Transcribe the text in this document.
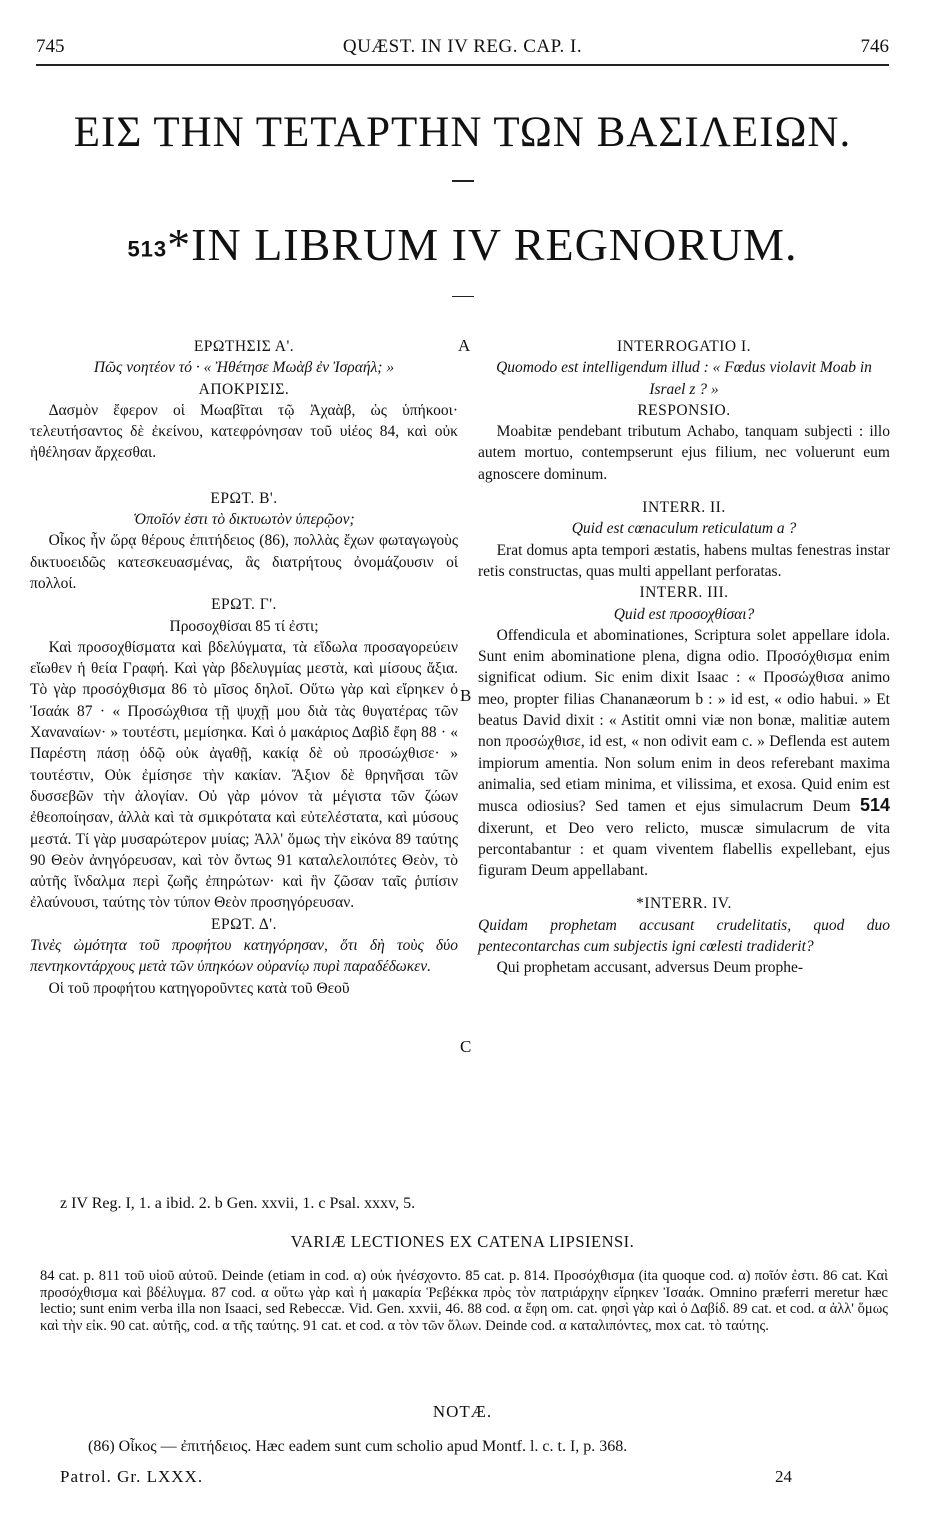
745	QUÆST. IN IV REG. CAP. I.	746
ΕΙΣ ΤΗΝ ΤΕΤΑΡΤΗΝ ΤΩΝ ΒΑΣΙΛΕΙΩΝ.
513*IN LIBRUM IV REGNORUM.
A
B
C

ΕΡΩΤΗΣΙΣ Α'.

Πῶς νοητέον τό · « Ἠθέτησε Μωὰβ ἐν Ἰσραήλ; »

ΑΠΟΚΡΙΣΙΣ.

Δασμὸν ἔφερον οἱ Μωαβῖται τῷ Ἀχαὰβ, ὡς ὑπήκοοι· τελευτήσαντος δὲ ἐκείνου, κατεφρόνησαν τοῦ υἱέος 84, καὶ οὐκ ἠθέλησαν ἄρχεσθαι.

ΕΡΩΤ. Β'.

Ὁποῖόν ἐστι τὸ δικτυωτὸν ὑπερῷον;

Οἶκος ἦν ὥρᾳ θέρους ἐπιτήδειος (86), πολλὰς ἔχων φωταγωγοὺς δικτυοειδῶς κατεσκευασμένας, ἃς διατρήτους ὀνομάζουσιν οἱ πολλοί.

ΕΡΩΤ. Γ'.

Προσοχθίσαι 85 τί ἐστι;

Καὶ προσοχθίσματα καὶ βδελύγματα, τὰ εἴδωλα προσαγορεύειν εἴωθεν ἡ θεία Γραφή. Καὶ γὰρ βδελυγμίας μεστὰ, καὶ μίσους ἄξια. Τὸ γὰρ προσόχθισμα 86 τὸ μῖσος δηλοῖ. Οὕτω γὰρ καὶ εἴρηκεν ὁ Ἰσαάκ 87 · « Προσώχθισα τῇ ψυχῇ μου διὰ τὰς θυγατέρας τῶν Χαναναίων· » τουτέστι, μεμίσηκα. Καὶ ὁ μακάριος Δαβὶδ ἔφη 88 · « Παρέστη πάσῃ ὁδῷ οὐκ ἀγαθῇ, κακίᾳ δὲ οὐ προσώχθισε· » τουτέστιν, Οὐκ ἐμίσησε τὴν κακίαν. Ἄξιον δὲ θρηνῆσαι τῶν δυσσεβῶν τὴν ἀλογίαν. Οὐ γὰρ μόνον τὰ μέγιστα τῶν ζώων ἐθεοποίησαν, ἀλλὰ καὶ τὰ σμικρότατα καὶ εὐτελέστατα, καὶ μύσους μεστά. Τί γὰρ μυσαρώτερον μυίας; Ἀλλ' ὅμως τὴν εἰκόνα 89 ταύτης 90 Θεὸν ἀνηγόρευσαν, καὶ τὸν ὄντως 91 καταλελοιπότες Θεὸν, τὸ αὐτῆς ἴνδαλμα περὶ ζωῆς ἐπηρώτων· καὶ ἣν ζῶσαν ταῖς ῥιπίσιν ἐλαύνουσι, ταύτης τὸν τύπον Θεὸν προσηγόρευσαν.

ΕΡΩΤ. Δ'.

Τινὲς ὠμότητα τοῦ προφήτου κατηγόρησαν, ὅτι δὴ τοὺς δύο πεντηκοντάρχους μετὰ τῶν ὑπηκόων οὐρανίῳ πυρὶ παραδέδωκεν.

Οἱ τοῦ προφήτου κατηγοροῦντες κατὰ τοῦ Θεοῦ

INTERROGATIO I.

Quomodo est intelligendum illud : « Fœdus violavit Moab in Israel z ? »

RESPONSIO.

Moabitæ pendebant tributum Achabo, tanquam subjecti : illo autem mortuo, contempserunt ejus filium, nec voluerunt eum agnoscere dominum.

INTERR. II.

Quid est cœnaculum reticulatum a ?

Erat domus apta tempori æstatis, habens multas fenestras instar retis constructas, quas multi appellant perforatas.

INTERR. III.

Quid est προσοχθίσαι?

Offendicula et abominationes, Scriptura solet appellare idola. Sunt enim abominatione plena, digna odio. Προσόχθισμα enim significat odium. Sic enim dixit Isaac : « Προσώχθισα animo meo, propter filias Chananæorum b : » id est, « odio habui. » Et beatus David dixit : « Astitit omni viæ non bonæ, malitiæ autem non προσώχθισε, id est, « non odivit eam c. » Deflenda est autem impiorum amentia. Non solum enim in deos referebant maxima animalia, sed etiam minima, et vilissima, et exosa. Quid enim est musca odiosius? Sed tamen et ejus simulacrum Deum 514 dixerunt, et Deo vero relicto, muscæ simulacrum de vita percontabantur : et quam viventem flabellis expellebant, ejus figuram Deum appellabant.

*INTERR. IV.

Quidam prophetam accusant crudelitatis, quod duo pentecontarchas cum subjectis igni cœlesti tradiderit?

Qui prophetam accusant, adversus Deum prophe-

z IV Reg. I, 1. a ibid. 2. b Gen. xxvii, 1. c Psal. xxxv, 5.
VARIÆ LECTIONES EX CATENA LIPSIENSI.
84 cat. p. 811 τοῦ υἱοῦ αὐτοῦ. Deinde (etiam in cod. α) οὐκ ἠνέσχοντο. 85 cat. p. 814. Προσόχθισμα (ita quoque cod. α) ποῖόν ἐστι. 86 cat. Καὶ προσόχθισμα καὶ βδέλυγμα. 87 cod. α οὕτω γὰρ καὶ ἡ μακαρία Ῥεβέκκα πρὸς τὸν πατριάρχην εἴρηκεν Ἰσαάκ. Omnino præferri meretur hæc lectio; sunt enim verba illa non Isaaci, sed Rebeccæ. Vid. Gen. xxvii, 46. 88 cod. α ἔφη om. cat. φησὶ γὰρ καὶ ὁ Δαβίδ. 89 cat. et cod. α ἀλλ' ὅμως καὶ τὴν εἰκ. 90 cat. αὐτῆς, cod. α τῆς ταύτης. 91 cat. et cod. α τὸν τῶν ὅλων. Deinde cod. α καταλιπόντες, mox cat. τὸ ταύτης.
NOTÆ.
(86) Οἶκος — ἐπιτήδειος. Hæc eadem sunt cum scholio apud Montf. l. c. t. I, p. 368.
Patrol. Gr. LXXX.	24
